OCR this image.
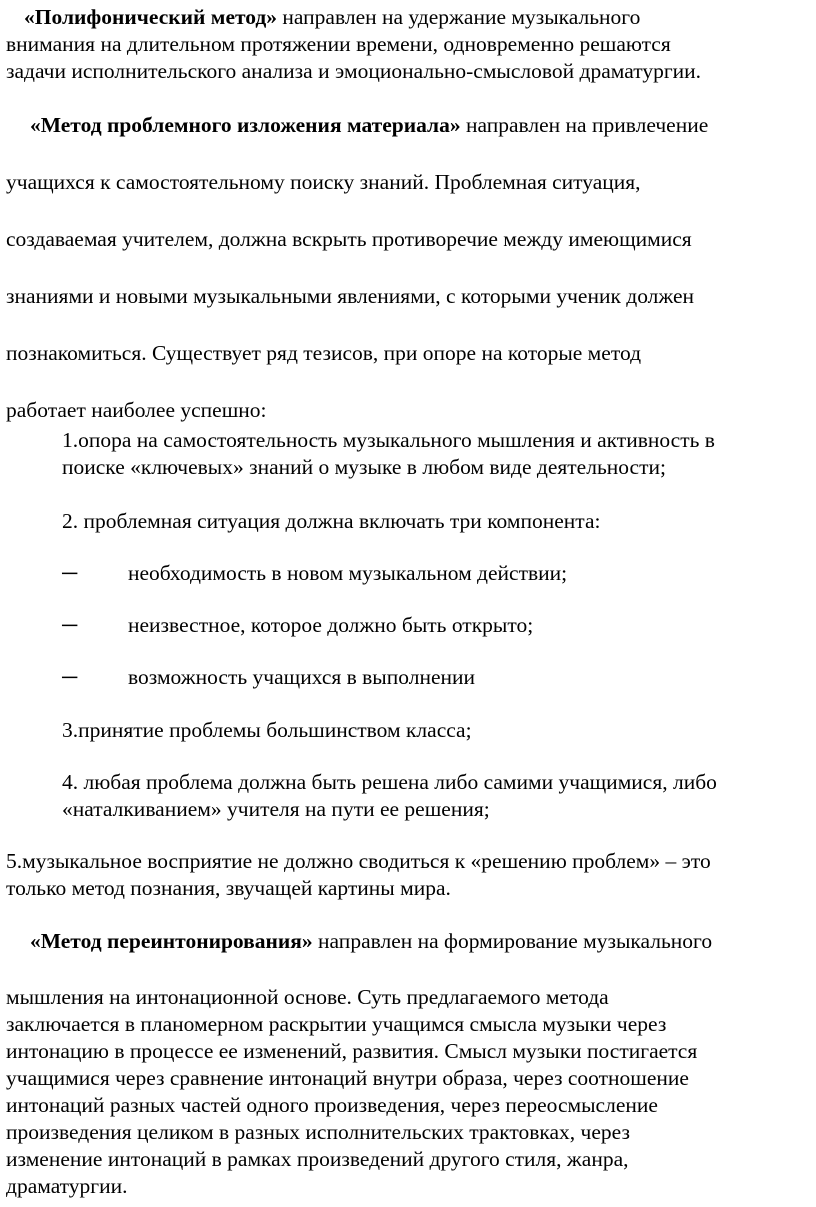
«Полифонический метод» направлен на удержание музыкального
внимания на длительном протяжении времени, одновременно решаются
задачи исполнительского анализа и эмоционально-смысловой драматургии.
«Метод проблемного изложения материала» направлен на привлечение
учащихся к самостоятельному поиску знаний. Проблемная ситуация,
создаваемая учителем, должна вскрыть противоречие между имеющимися
знаниями и новыми музыкальными явлениями, с которыми ученик должен
познакомиться. Существует ряд тезисов, при опоре на которые метод
работает наиболее успешно:
1.опора на самостоятельность музыкального мышления и активность в
поиске «ключевых» знаний о музыке в любом виде деятельности;
2. проблемная ситуация должна включать три компонента:
─ необходимость в новом музыкальном действии;
─ неизвестное, которое должно быть открыто;
─ возможность учащихся в выполнении
3.принятие проблемы большинством класса;
4. любая проблема должна быть решена либо самими учащимися, либо
«наталкиванием» учителя на пути ее решения;
5.музыкальное восприятие не должно сводиться к «решению проблем» – это
только метод познания, звучащей картины мира.
«Метод переинтонирования» направлен на формирование музыкального
мышления на интонационной основе. Суть предлагаемого метода
заключается в планомерном раскрытии учащимся смысла музыки через
интонацию в процессе ее изменений, развития. Смысл музыки постигается
учащимися через сравнение интонаций внутри образа, через соотношение
интонаций разных частей одного произведения, через переосмысление
произведения целиком в разных исполнительских трактовках, через
изменение интонаций в рамках произведений другого стиля, жанра,
драматургии.
